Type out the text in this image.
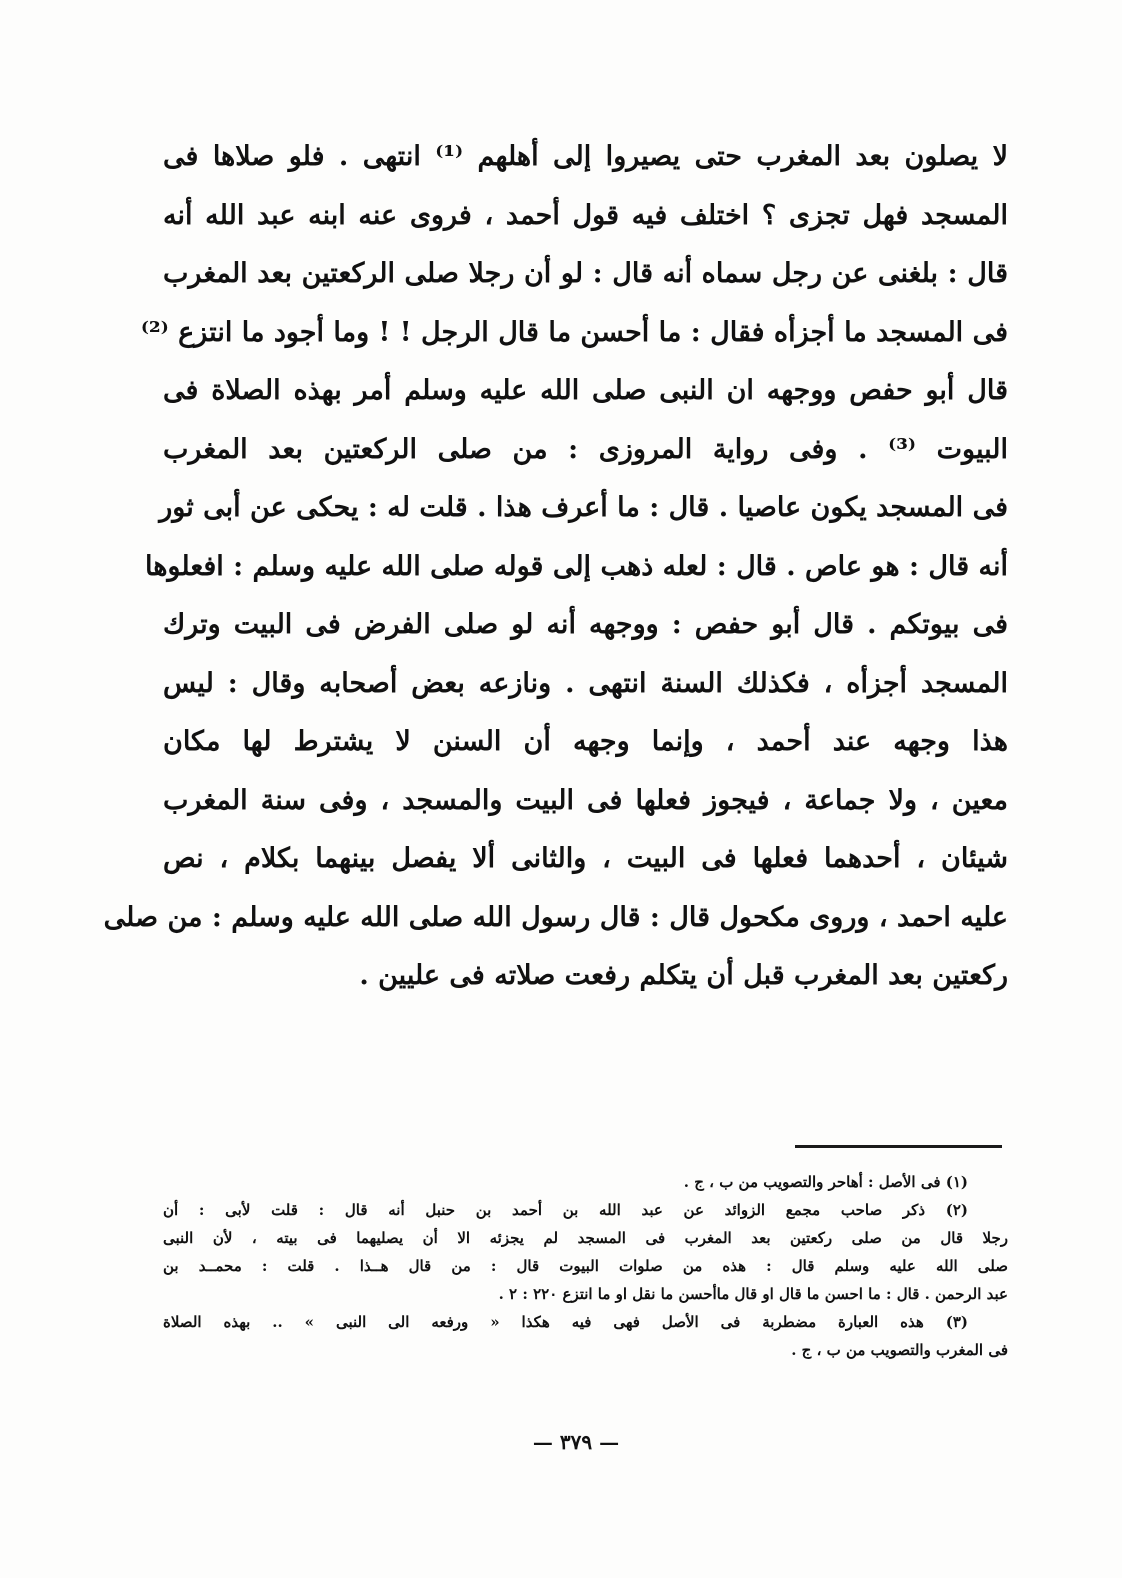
لا يصلون بعد المغرب حتى يصيروا إلى أهلهم ⁽¹⁾ انتهى . فلو صلاها فى
المسجد فهل تجزى ؟ اختلف فيه قول أحمد ، فروى عنه ابنه عبد الله أنه
قال : بلغنى عن رجل سماه أنه قال : لو أن رجلا صلى الركعتين بعد المغرب
فى المسجد ما أجزأه فقال : ما أحسن ما قال الرجل ! ! وما أجود ما انتزع ⁽²⁾
قال أبو حفص ووجهه ان النبى صلى الله عليه وسلم أمر بهذه الصلاة فى
البيوت ⁽³⁾ . وفى رواية المروزى : من صلى الركعتين بعد المغرب
فى المسجد يكون عاصيا . قال : ما أعرف هذا . قلت له : يحكى عن أبى ثور
أنه قال : هو عاص . قال : لعله ذهب إلى قوله صلى الله عليه وسلم : افعلوها
فى بيوتكم . قال أبو حفص : ووجهه أنه لو صلى الفرض فى البيت وترك
المسجد أجزأه ، فكذلك السنة انتهى . ونازعه بعض أصحابه وقال : ليس
هذا وجهه عند أحمد ، وإنما وجهه أن السنن لا يشترط لها مكان
معين ، ولا جماعة ، فيجوز فعلها فى البيت والمسجد ، وفى سنة المغرب
شيئان ، أحدهما فعلها فى البيت ، والثانى ألا يفصل بينهما بكلام ، نص
عليه احمد ، وروى مكحول قال : قال رسول الله صلى الله عليه وسلم : من صلى
ركعتين بعد المغرب قبل أن يتكلم رفعت صلاته فى عليين .
(١) فى الأصل : أهاحر والتصويب من ب ، ج .
(٢) ذكر صاحب مجمع الزوائد عن عبد الله بن أحمد بن حنبل أنه قال : قلت لأبى : أن
رجلا قال من صلى ركعتين بعد المغرب فى المسجد لم يجزئه الا أن يصليهما فى بيته ، لأن النبى
صلى الله عليه وسلم قال : هذه من صلوات البيوت قال : من قال هــذا . قلت : محمــد بن
عبد الرحمن . قال : ما احسن ما قال او قال ماأحسن ما نقل او ما انتزع ٢٢٠ : ٢ .
(٣) هذه العبارة مضطربة فى الأصل فهى فيه هكذا « ورفعه الى النبى » .. بهذه الصلاة
فى المغرب والتصويب من ب ، ج .
— ٣٧٩ —
